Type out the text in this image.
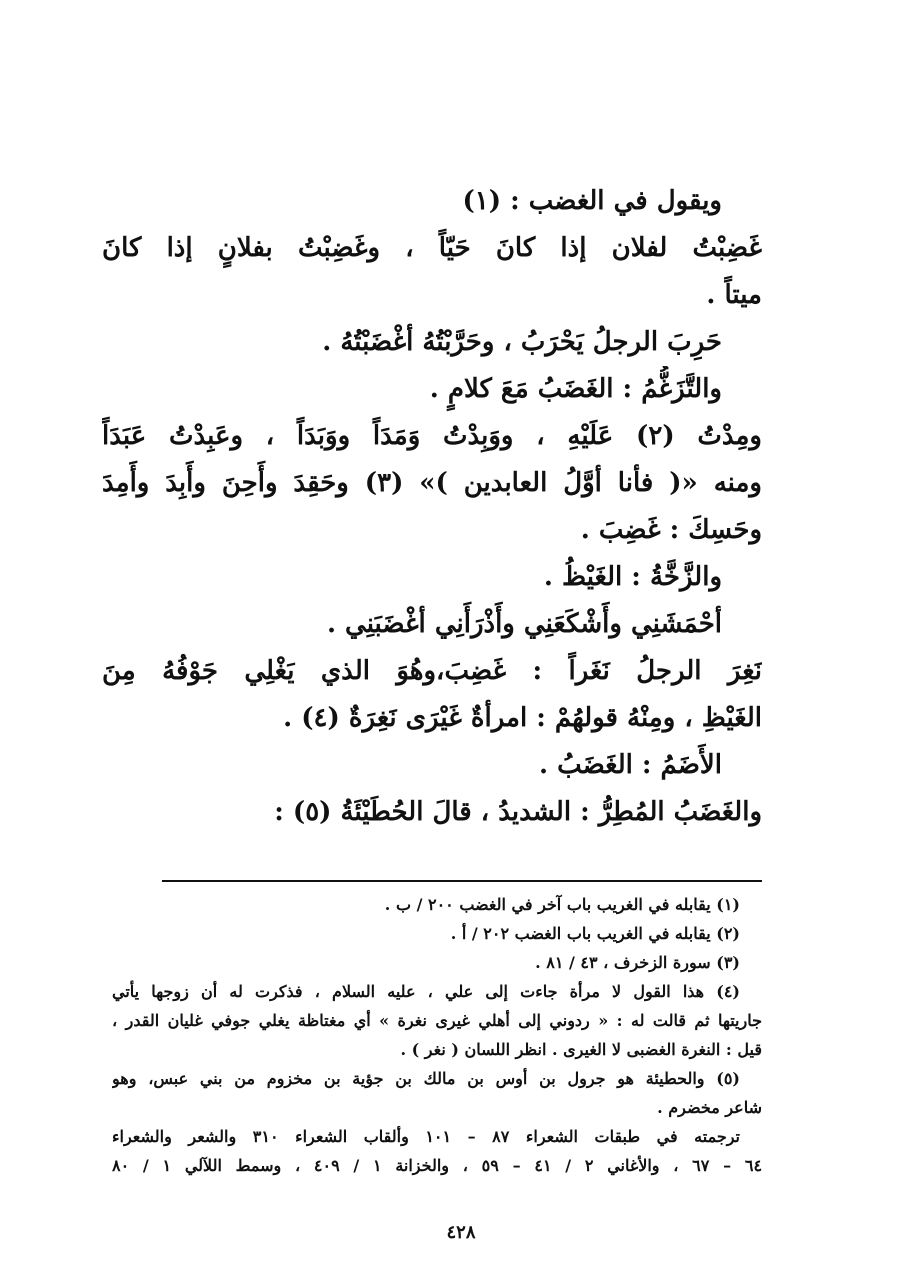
ويقول في الغضب : (١)
غَضِبْتُ لفلان إذا كانَ حَيّاً ، وغَضِبْتُ بفلانٍ إذا كانَ
ميتاً .
حَرِبَ الرجلُ يَحْرَبُ ، وحَرَّبْتُهُ أغْضَبْتُهُ .
والتَّزَغُّمُ : الغَضَبُ مَعَ كلامٍ .
ومِدْتُ (٢) عَلَيْهِ ، ووَبِدْتُ وَمَدَاً ووَبَدَاً ، وعَبِدْتُ عَبَدَاً
ومنه «( فأنا أوَّلُ العابدين )» (٣) وحَقِدَ وأَحِنَ وأَبِدَ وأَمِدَ
وحَسِكَ : غَضِبَ .
والزَّخَّةُ : الغَيْظُ .
أحْمَشَنِي وأَشْكَعَنِي وأَذْرَأَنِي أغْضَبَنِي .
نَغِرَ الرجلُ نَغَراً : غَضِبَ،وهُوَ الذي يَغْلِي جَوْفُهُ مِنَ
الغَيْظِ ، ومِنْهُ قولهُمْ : امرأةٌ غَيْرَى نَغِرَةٌ (٤) .
الأَضَمُ : الغَضَبُ .
والغَضَبُ المُطِرُّ : الشديدُ ، قالَ الحُطَيْئَةُ (٥) :
(١) يقابله في الغريب باب آخر في الغضب ٢٠٠ / ب .
(٢) يقابله في الغريب باب الغضب ٢٠٢ / أ .
(٣) سورة الزخرف ، ٤٣ / ٨١ .
(٤) هذا القول لا مرأة جاءت إلى علي ، عليه السلام ، فذكرت له أن زوجها يأتي
جاريتها ثم قالت له : « ردوني إلى أهلي غيرى نغرة » أي مغتاظة يغلي جوفي غليان القدر ،
قيل : النغرة الغضبى لا الغيرى . انظر اللسان ( نغر ) .
(٥) والحطيئة هو جرول بن أوس بن مالك بن جؤية بن مخزوم من بني عبس، وهو
شاعر مخضرم .
ترجمته في طبقات الشعراء ٨٧ – ١٠١ وألقاب الشعراء ٣١٠ والشعر والشعراء
٦٤ – ٦٧ ، والأغاني ٢ / ٤١ – ٥٩ ، والخزانة ١ / ٤٠٩ ، وسمط اللآلي ١ / ٨٠
٤٢٨
